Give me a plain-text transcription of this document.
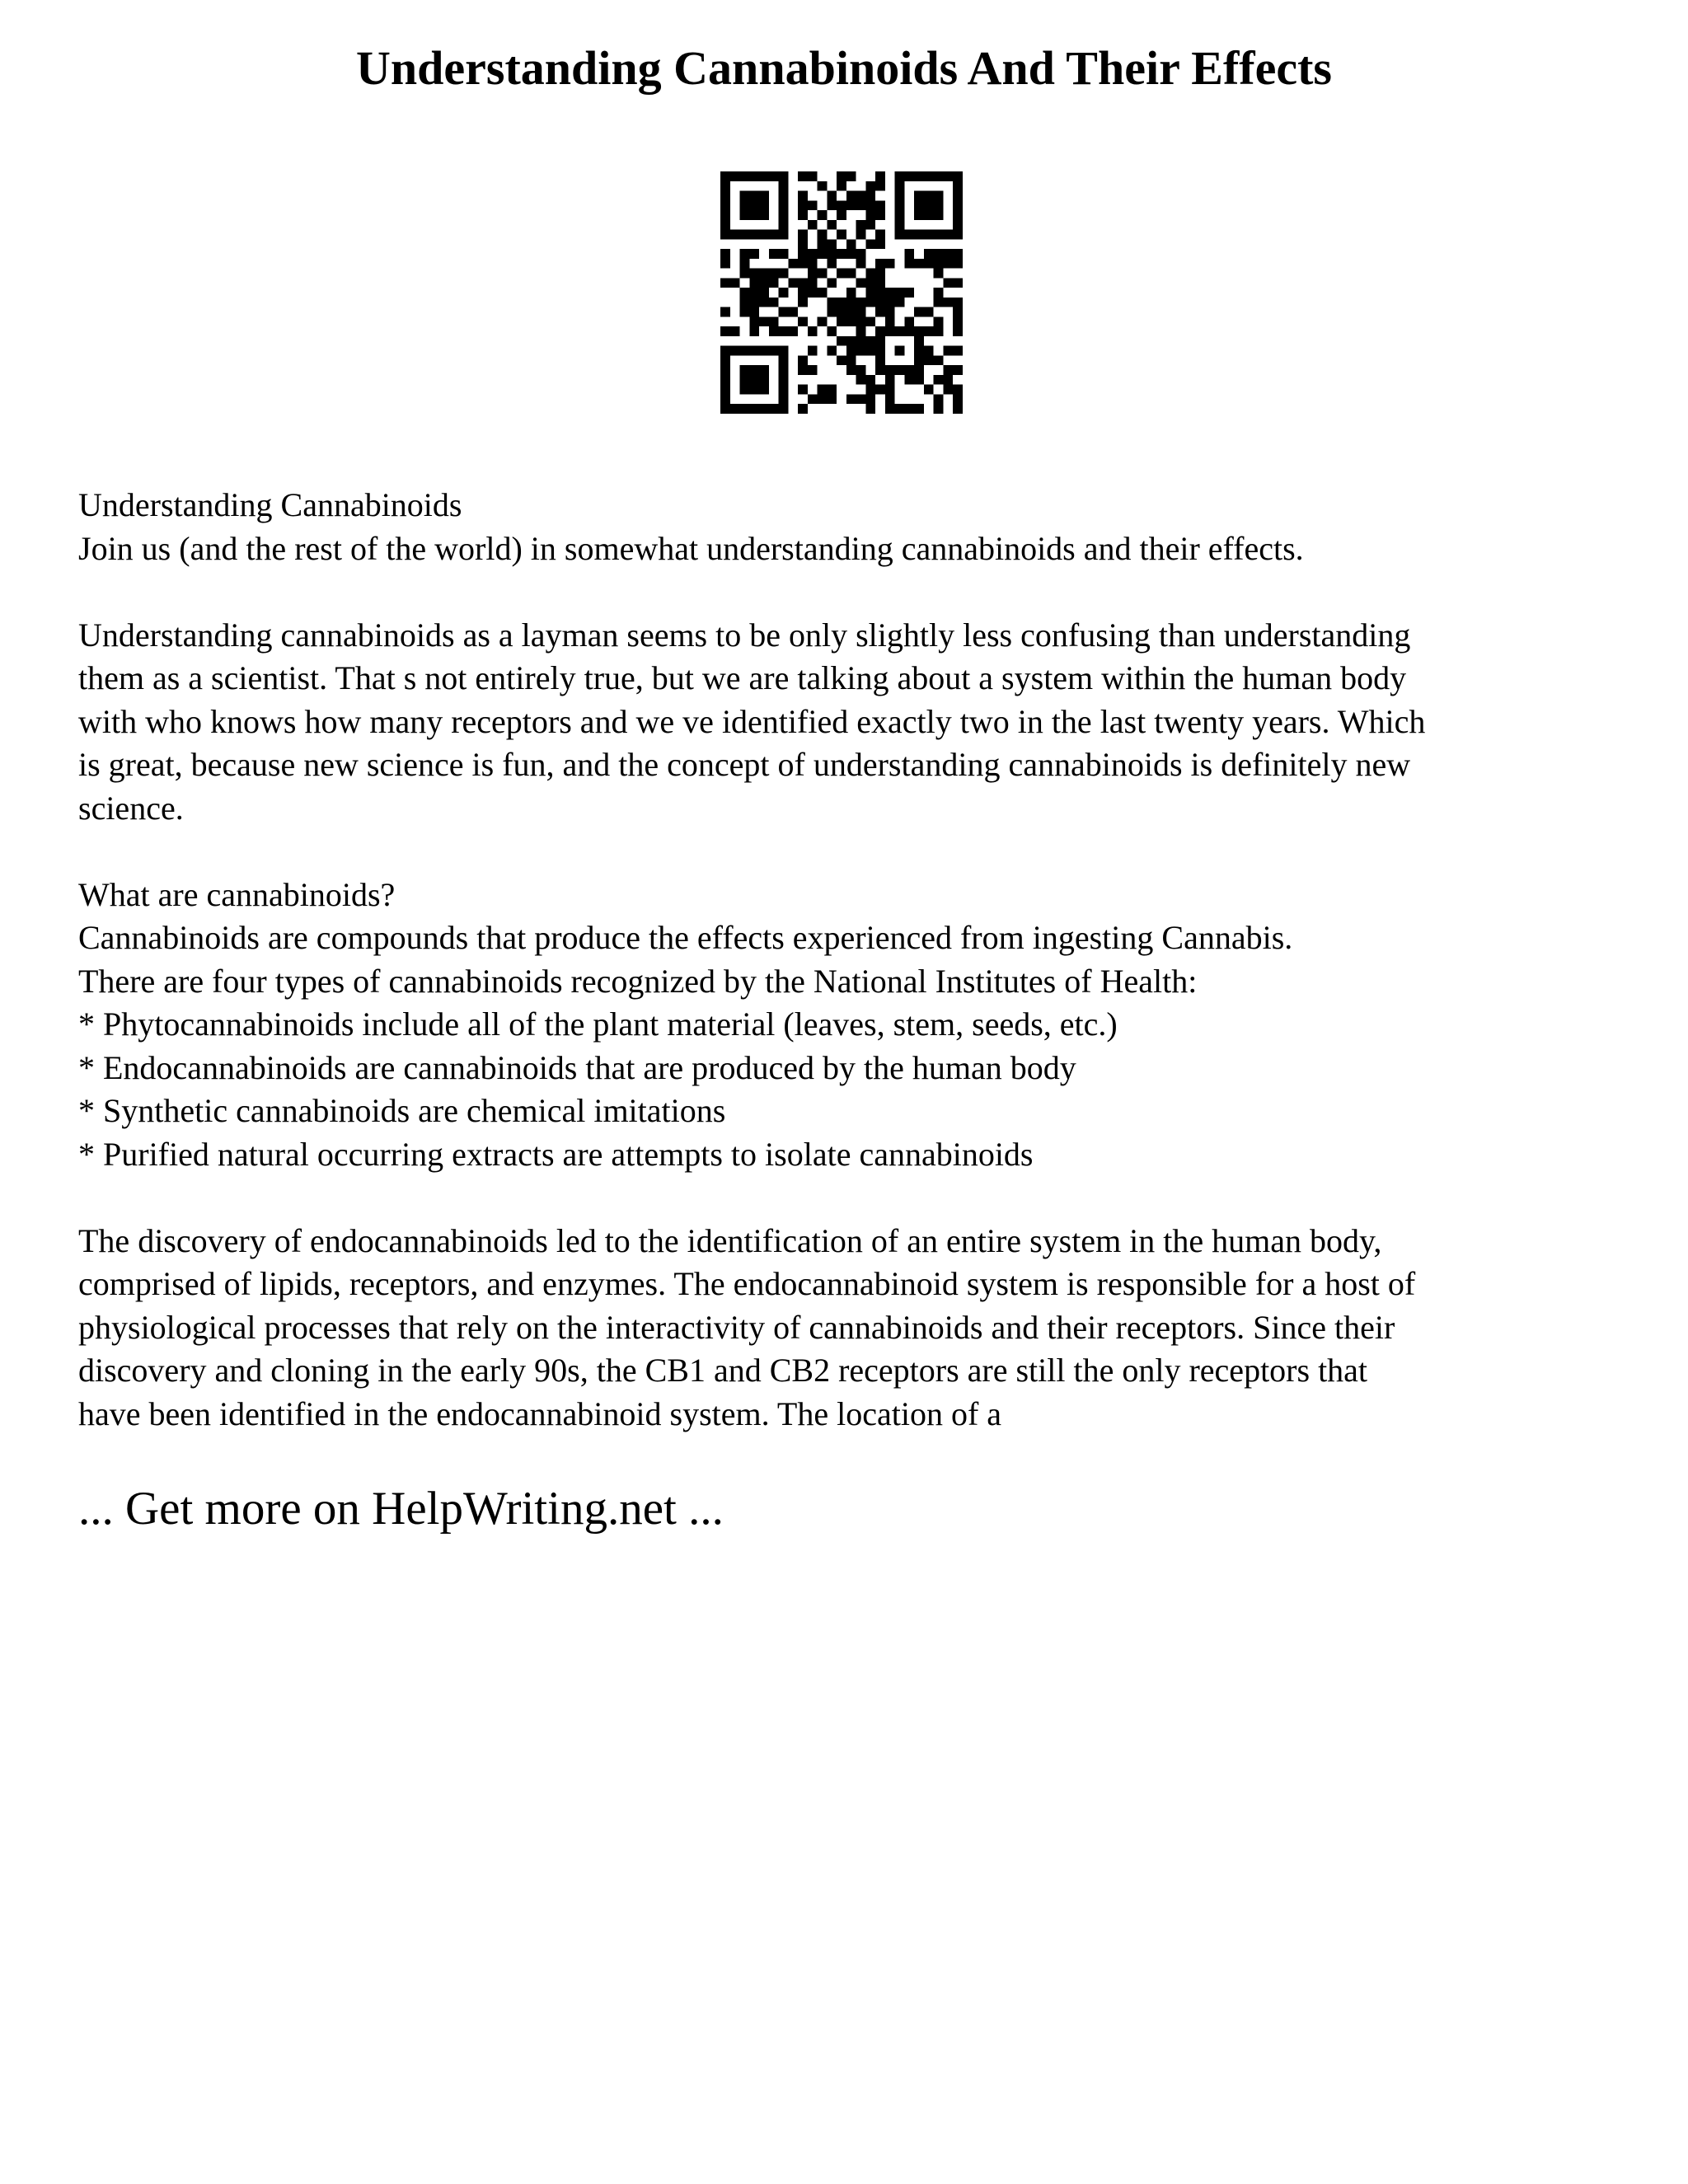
Understanding Cannabinoids And Their Effects
Understanding Cannabinoids
Join us (and the rest of the world) in somewhat understanding cannabinoids and their effects.
Understanding cannabinoids as a layman seems to be only slightly less confusing than understanding
them as a scientist. That s not entirely true, but we are talking about a system within the human body
with who knows how many receptors and we ve identified exactly two in the last twenty years. Which
is great, because new science is fun, and the concept of understanding cannabinoids is definitely new
science.
What are cannabinoids?
Cannabinoids are compounds that produce the effects experienced from ingesting Cannabis.
There are four types of cannabinoids recognized by the National Institutes of Health:
* Phytocannabinoids include all of the plant material (leaves, stem, seeds, etc.)
* Endocannabinoids are cannabinoids that are produced by the human body
* Synthetic cannabinoids are chemical imitations
* Purified natural occurring extracts are attempts to isolate cannabinoids
The discovery of endocannabinoids led to the identification of an entire system in the human body,
comprised of lipids, receptors, and enzymes. The endocannabinoid system is responsible for a host of
physiological processes that rely on the interactivity of cannabinoids and their receptors. Since their
discovery and cloning in the early 90s, the CB1 and CB2 receptors are still the only receptors that
have been identified in the endocannabinoid system. The location of a
... Get more on HelpWriting.net ...
